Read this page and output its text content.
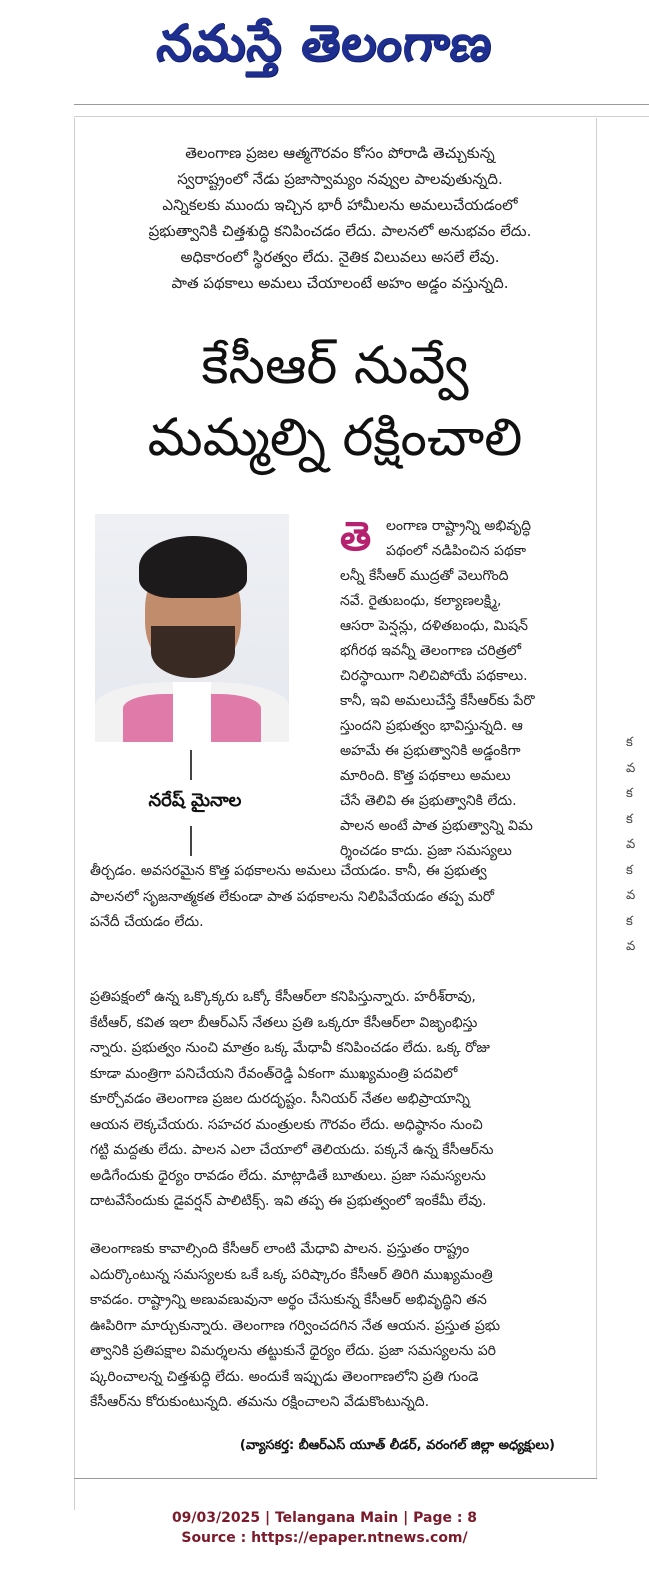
నమస్తే తెలంగాణ
తెలంగాణ ప్రజల ఆత్మగౌరవం కోసం పోరాడి తెచ్చుకున్న
స్వరాష్ట్రంలో నేడు ప్రజాస్వామ్యం నవ్వుల పాలవుతున్నది.
ఎన్నికలకు ముందు ఇచ్చిన భారీ హామీలను అమలుచేయడంలో
ప్రభుత్వానికి చిత్తశుద్ధి కనిపించడం లేదు. పాలనలో అనుభవం లేదు.
అధికారంలో స్థిరత్వం లేదు. నైతిక విలువలు అసలే లేవు.
పాత పథకాలు అమలు చేయాలంటే అహం అడ్డం వస్తున్నది.
కేసీఆర్ నువ్వే
మమ్మల్ని రక్షించాలి
నరేష్ మైనాల
తె	లంగాణ రాష్ట్రాన్ని అభివృద్ధి
పథంలో నడిపించిన పథకా
లన్నీ కేసీఆర్ ముద్రతో వెలుగొంది
నవే. రైతుబంధు, కల్యాణలక్ష్మి,
ఆసరా పెన్షన్లు, దళితబంధు, మిషన్
భగీరథ ఇవన్నీ తెలంగాణ చరిత్రలో
చిరస్థాయిగా నిలిచిపోయే పథకాలు.
కానీ, ఇవి అమలుచేస్తే కేసీఆర్‌కు పేరొ
స్తుందని ప్రభుత్వం భావిస్తున్నది. ఆ
అహమే ఈ ప్రభుత్వానికి అడ్డంకిగా
మారింది. కొత్త పథకాలు అమలు
చేసే తెలివి ఈ ప్రభుత్వానికి లేదు.
పాలన అంటే పాత ప్రభుత్వాన్ని విమ
ర్శించడం కాదు. ప్రజా సమస్యలు
తీర్చడం. అవసరమైన కొత్త పథకాలను అమలు చేయడం. కానీ, ఈ ప్రభుత్వ
పాలనలో సృజనాత్మకత లేకుండా పాత పథకాలను నిలిపివేయడం తప్ప మరో
పనేదీ చేయడం లేదు.
ప్రతిపక్షంలో ఉన్న ఒక్కొక్కరు ఒక్కో కేసీఆర్‌లా కనిపిస్తున్నారు. హరీశ్‌రావు,
కేటీఆర్, కవిత ఇలా బీఆర్‌ఎస్ నేతలు ప్రతి ఒక్కరూ కేసీఆర్‌లా విజృంభిస్తు
న్నారు. ప్రభుత్వం నుంచి మాత్రం ఒక్క మేధావీ కనిపించడం లేదు. ఒక్క రోజు
కూడా మంత్రిగా పనిచేయని రేవంత్‌రెడ్డి ఏకంగా ముఖ్యమంత్రి పదవిలో
కూర్చోవడం తెలంగాణ ప్రజల దురదృష్టం. సీనియర్ నేతల అభిప్రాయాన్ని
ఆయన లెక్కచేయరు. సహచర మంత్రులకు గౌరవం లేదు. అధిష్ఠానం నుంచి
గట్టి మద్దతు లేదు. పాలన ఎలా చేయాలో తెలియదు. పక్కనే ఉన్న కేసీఆర్‌ను
అడిగేందుకు ధైర్యం రావడం లేదు. మాట్లాడితే బూతులు. ప్రజా సమస్యలను
దాటవేసేందుకు డైవర్షన్ పాలిటిక్స్. ఇవి తప్ప ఈ ప్రభుత్వంలో ఇంకేమీ లేవు.
తెలంగాణకు కావాల్సింది కేసీఆర్ లాంటి మేధావి పాలన. ప్రస్తుతం రాష్ట్రం
ఎదుర్కొంటున్న సమస్యలకు ఒకే ఒక్క పరిష్కారం కేసీఆర్ తిరిగి ముఖ్యమంత్రి
కావడం. రాష్ట్రాన్ని అణువణువునా అర్థం చేసుకున్న కేసీఆర్ అభివృద్ధిని తన
ఊపిరిగా మార్చుకున్నారు. తెలంగాణ గర్వించదగిన నేత ఆయన. ప్రస్తుత ప్రభు
త్వానికి ప్రతిపక్షాల విమర్శలను తట్టుకునే ధైర్యం లేదు. ప్రజా సమస్యలను పరి
ష్కరించాలన్న చిత్తశుద్ధి లేదు. అందుకే ఇప్పుడు తెలంగాణలోని ప్రతి గుండె
కేసీఆర్‌ను కోరుకుంటున్నది. తమను రక్షించాలని వేడుకొంటున్నది.
(వ్యాసకర్త: బీఆర్‌ఎస్ యూత్ లీడర్, వరంగల్ జిల్లా అధ్యక్షులు)
క
వ
క
క
వ
క
వ
క
వ
09/03/2025 | Telangana Main | Page : 8
Source : https://epaper.ntnews.com/
